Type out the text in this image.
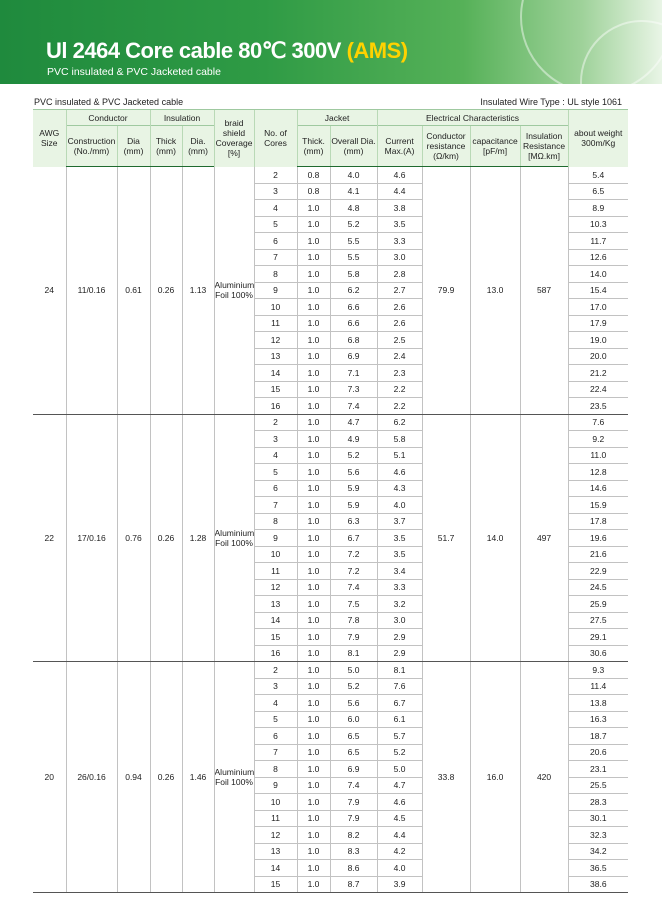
Ul 2464 Core cable 80℃ 300V (AMS)
PVC insulated & PVC Jacketed cable
PVC insulated & PVC Jacketed cable	Insulated Wire Type : UL style 1061
AWG Size	Conductor		Insulation		braid shield Coverage [%]	No. of Cores	Jacket		Electrical Characteristics				about weight 300m/Kg
	Construction (No./mm)	Dia (mm)	Thick (mm)	Dia. (mm)			Thick. (mm)	Overall Dia.(mm)	Current Max.(A)	Conductor resistance (Ω/km)	capacitance [pF/m]	Insulation Resistance [MΩ.km]	
24	11/0.16	0.61	0.26	1.13	Aluminium Foil 100%	2	0.8	4.0	4.6	79.9	13.0	587	5.4
						3	0.8	4.1	4.4				6.5
						4	1.0	4.8	3.8				8.9
						5	1.0	5.2	3.5				10.3
						6	1.0	5.5	3.3				11.7
						7	1.0	5.5	3.0				12.6
						8	1.0	5.8	2.8				14.0
						9	1.0	6.2	2.7				15.4
						10	1.0	6.6	2.6				17.0
						11	1.0	6.6	2.6				17.9
						12	1.0	6.8	2.5				19.0
						13	1.0	6.9	2.4				20.0
						14	1.0	7.1	2.3				21.2
						15	1.0	7.3	2.2				22.4
						16	1.0	7.4	2.2				23.5
22	17/0.16	0.76	0.26	1.28	Aluminium Foil 100%	2	1.0	4.7	6.2	51.7	14.0	497	7.6
						3	1.0	4.9	5.8				9.2
						4	1.0	5.2	5.1				11.0
						5	1.0	5.6	4.6				12.8
						6	1.0	5.9	4.3				14.6
						7	1.0	5.9	4.0				15.9
						8	1.0	6.3	3.7				17.8
						9	1.0	6.7	3.5				19.6
						10	1.0	7.2	3.5				21.6
						11	1.0	7.2	3.4				22.9
						12	1.0	7.4	3.3				24.5
						13	1.0	7.5	3.2				25.9
						14	1.0	7.8	3.0				27.5
						15	1.0	7.9	2.9				29.1
						16	1.0	8.1	2.9				30.6
20	26/0.16	0.94	0.26	1.46	Aluminium Foil 100%	2	1.0	5.0	8.1	33.8	16.0	420	9.3
						3	1.0	5.2	7.6				11.4
						4	1.0	5.6	6.7				13.8
						5	1.0	6.0	6.1				16.3
						6	1.0	6.5	5.7				18.7
						7	1.0	6.5	5.2				20.6
						8	1.0	6.9	5.0				23.1
						9	1.0	7.4	4.7				25.5
						10	1.0	7.9	4.6				28.3
						11	1.0	7.9	4.5				30.1
						12	1.0	8.2	4.4				32.3
						13	1.0	8.3	4.2				34.2
						14	1.0	8.6	4.0				36.5
						15	1.0	8.7	3.9				38.6
